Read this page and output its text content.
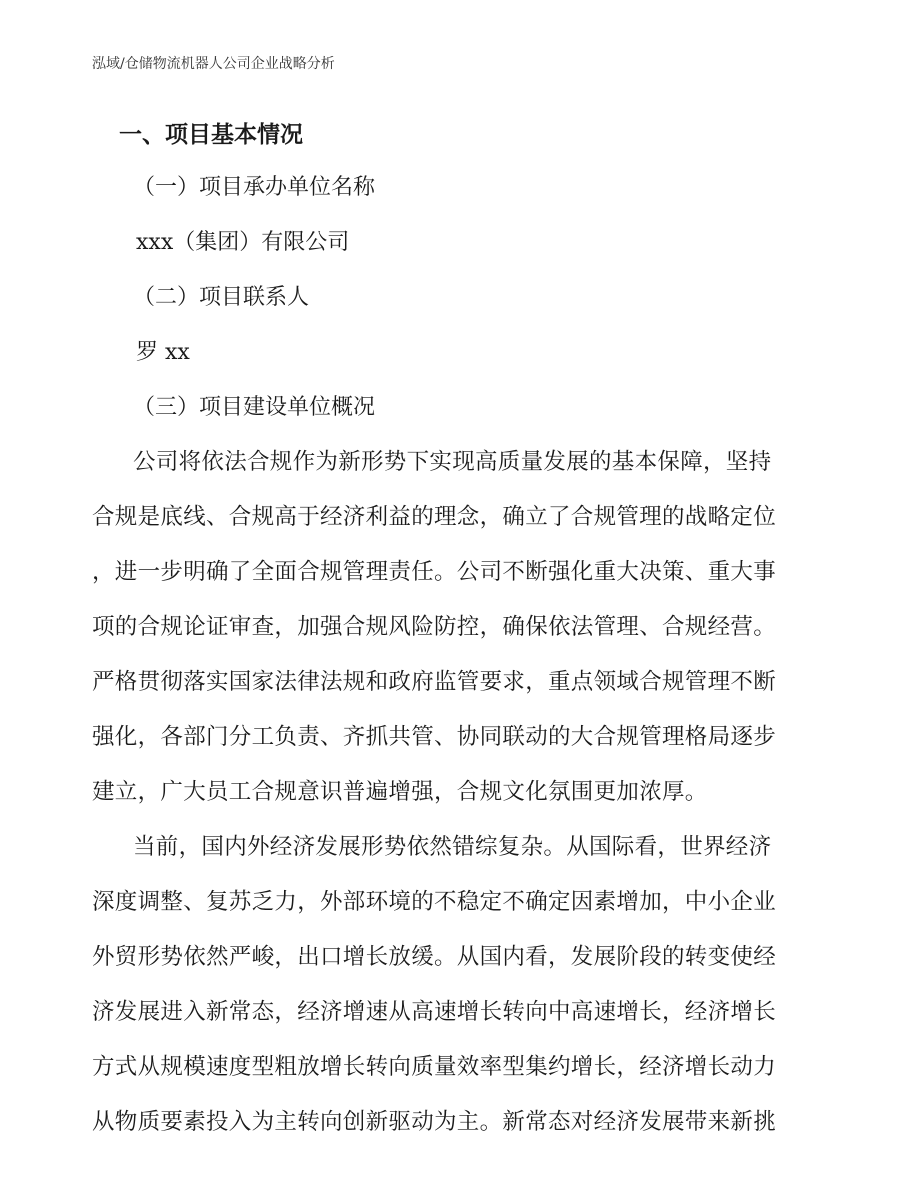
泓域/仓储物流机器人公司企业战略分析
一、项目基本情况
（一）项目承办单位名称
xxx（集团）有限公司
（二）项目联系人
罗 xx
（三）项目建设单位概况
公司将依法合规作为新形势下实现高质量发展的基本保障，坚持
合规是底线、合规高于经济利益的理念，确立了合规管理的战略定位
，进一步明确了全面合规管理责任。公司不断强化重大决策、重大事
项的合规论证审查，加强合规风险防控，确保依法管理、合规经营。
严格贯彻落实国家法律法规和政府监管要求，重点领域合规管理不断
强化，各部门分工负责、齐抓共管、协同联动的大合规管理格局逐步
建立，广大员工合规意识普遍增强，合规文化氛围更加浓厚。
当前，国内外经济发展形势依然错综复杂。从国际看，世界经济
深度调整、复苏乏力，外部环境的不稳定不确定因素增加，中小企业
外贸形势依然严峻，出口增长放缓。从国内看，发展阶段的转变使经
济发展进入新常态，经济增速从高速增长转向中高速增长，经济增长
方式从规模速度型粗放增长转向质量效率型集约增长，经济增长动力
从物质要素投入为主转向创新驱动为主。新常态对经济发展带来新挑
